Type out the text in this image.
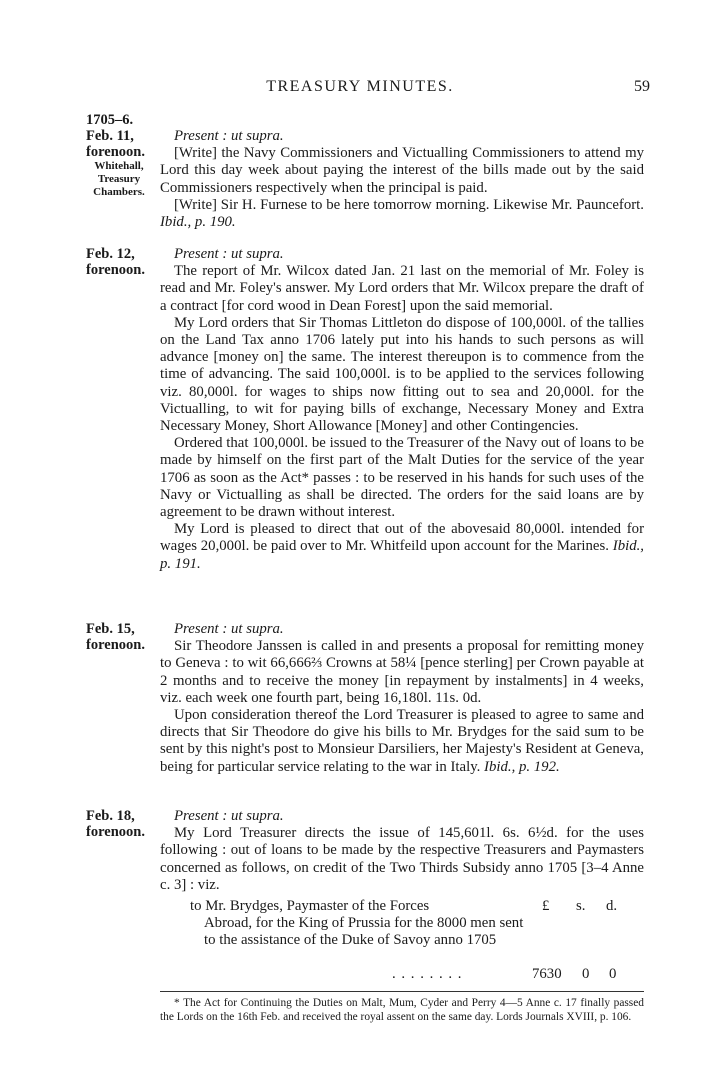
TREASURY MINUTES.	59
1705–6.
Feb. 11,
forenoon.
Whitehall,
Treasury
Chambers.

Present : ut supra.

[Write] the Navy Commissioners and Victualling Commissioners to attend my Lord this day week about paying the interest of the bills made out by the said Commissioners respectively when the principal is paid.

[Write] Sir H. Furnese to be here tomorrow morning. Likewise Mr. Pauncefort. Ibid., p. 190.

Feb. 12,
forenoon.

Present : ut supra.

The report of Mr. Wilcox dated Jan. 21 last on the memorial of Mr. Foley is read and Mr. Foley's answer. My Lord orders that Mr. Wilcox prepare the draft of a contract [for cord wood in Dean Forest] upon the said memorial.

My Lord orders that Sir Thomas Littleton do dispose of 100,000l. of the tallies on the Land Tax anno 1706 lately put into his hands to such persons as will advance [money on] the same. The interest thereupon is to commence from the time of advancing. The said 100,000l. is to be applied to the services following viz. 80,000l. for wages to ships now fitting out to sea and 20,000l. for the Victualling, to wit for paying bills of exchange, Necessary Money and Extra Necessary Money, Short Allowance [Money] and other Contingencies.

Ordered that 100,000l. be issued to the Treasurer of the Navy out of loans to be made by himself on the first part of the Malt Duties for the service of the year 1706 as soon as the Act* passes : to be reserved in his hands for such uses of the Navy or Victualling as shall be directed. The orders for the said loans are by agreement to be drawn without interest.

My Lord is pleased to direct that out of the abovesaid 80,000l. intended for wages 20,000l. be paid over to Mr. Whitfeild upon account for the Marines. Ibid., p. 191.

Feb. 15,
forenoon.

Present : ut supra.

Sir Theodore Janssen is called in and presents a proposal for remitting money to Geneva : to wit 66,666⅔ Crowns at 58¼ [pence sterling] per Crown payable at 2 months and to receive the money [in repayment by instalments] in 4 weeks, viz. each week one fourth part, being 16,180l. 11s. 0d.

Upon consideration thereof the Lord Treasurer is pleased to agree to same and directs that Sir Theodore do give his bills to Mr. Brydges for the said sum to be sent by this night's post to Monsieur Darsiliers, her Majesty's Resident at Geneva, being for particular service relating to the war in Italy. Ibid., p. 192.

Feb. 18,
forenoon.

Present : ut supra.

My Lord Treasurer directs the issue of 145,601l. 6s. 6½d. for the uses following : out of loans to be made by the respective Treasurers and Paymasters concerned as follows, on credit of the Two Thirds Subsidy anno 1705 [3–4 Anne c. 3] : viz.

to Mr. Brydges, Paymaster of the Forces
Abroad, for the King of Prussia for the 8000 men sent to the assistance of the Duke of Savoy anno 1705
£ s. d.
. . . . . . . .	7630 0 0

* The Act for Continuing the Duties on Malt, Mum, Cyder and Perry 4—5 Anne c. 17 finally passed the Lords on the 16th Feb. and received the royal assent on the same day. Lords Journals XVIII, p. 106.
